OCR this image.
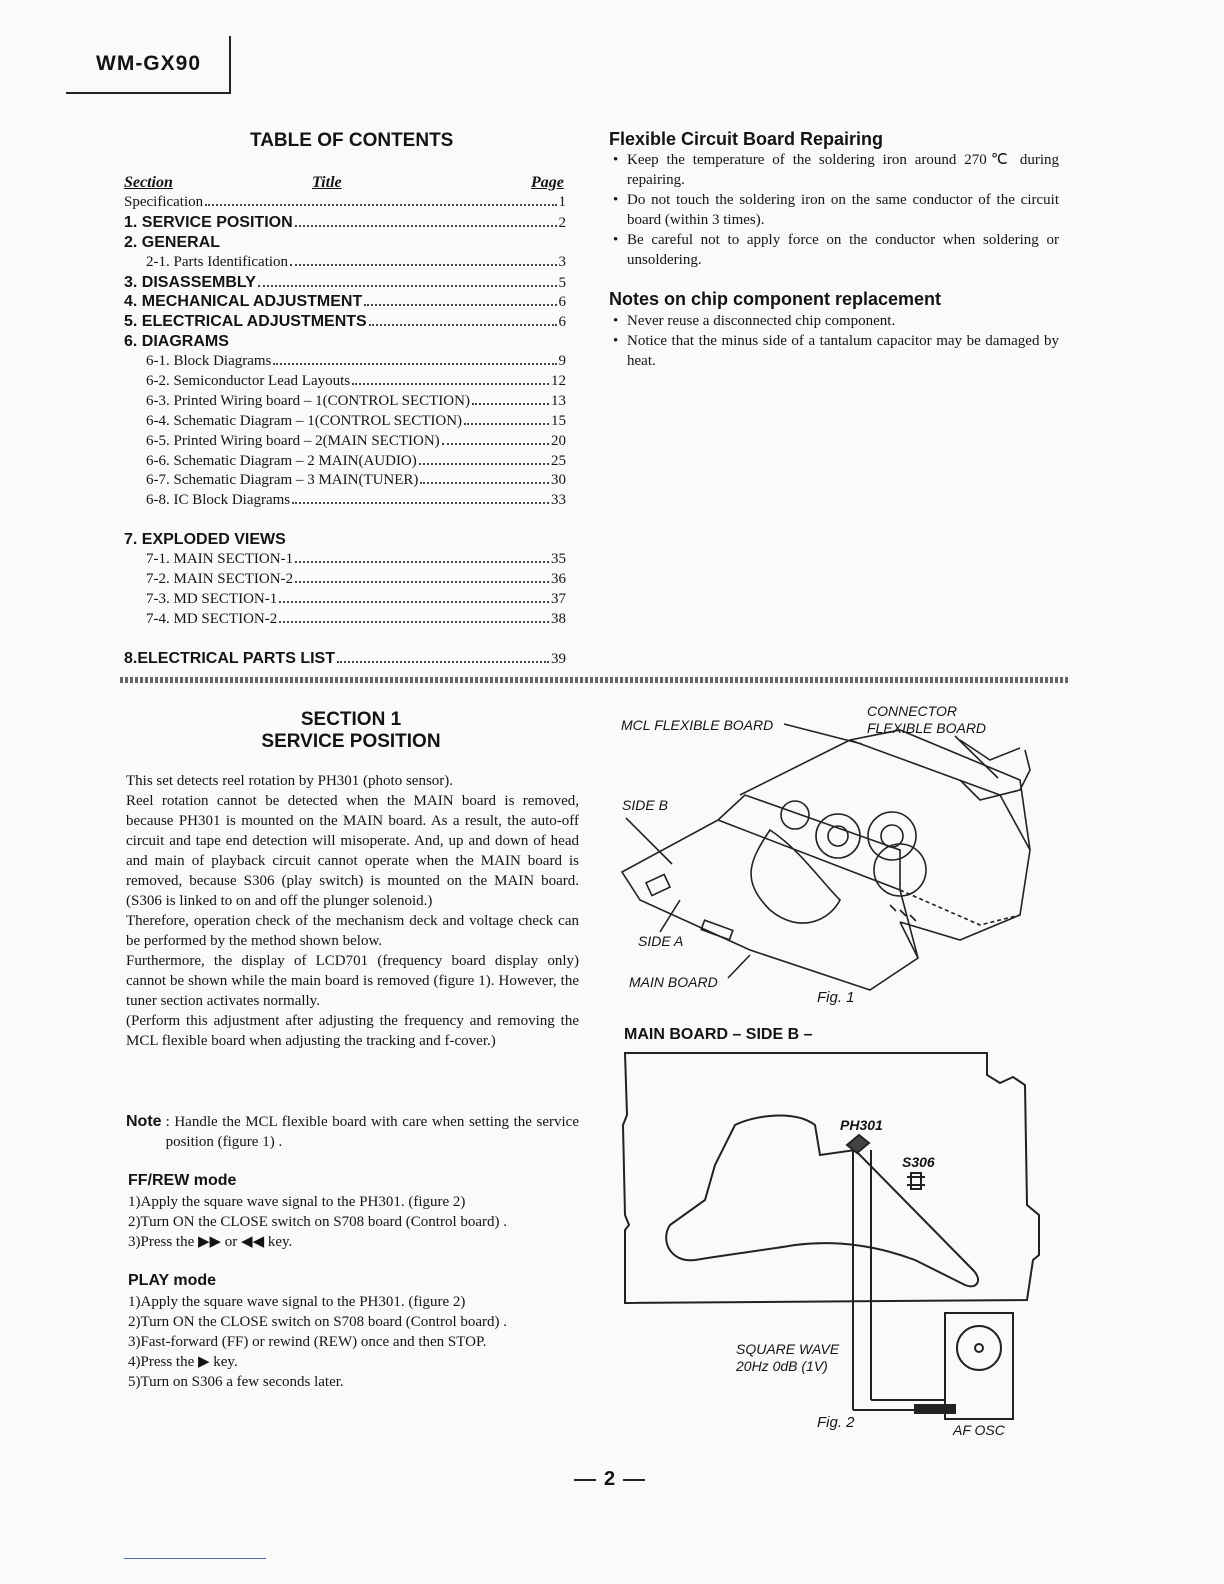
WM-GX90
TABLE OF CONTENTS
Section	Title	Page
Specification	1
1. SERVICE POSITION	2
2. GENERAL
2-1. Parts Identification	3
3. DISASSEMBLY	5
4. MECHANICAL ADJUSTMENT	6
5. ELECTRICAL ADJUSTMENTS	6
6. DIAGRAMS
6-1. Block Diagrams	9
6-2. Semiconductor Lead Layouts	12
6-3. Printed Wiring board – 1(CONTROL SECTION)	13
6-4. Schematic Diagram – 1(CONTROL SECTION)	15
6-5. Printed Wiring board – 2(MAIN SECTION)	20
6-6. Schematic Diagram – 2 MAIN(AUDIO)	25
6-7. Schematic Diagram – 3 MAIN(TUNER)	30
6-8. IC Block Diagrams	33
7. EXPLODED VIEWS
7-1. MAIN SECTION-1	35
7-2. MAIN SECTION-2	36
7-3. MD SECTION-1	37
7-4. MD SECTION-2	38
8.ELECTRICAL PARTS LIST	39
Flexible Circuit Board Repairing
• Keep the temperature of the soldering iron around 270℃ during repairing.
• Do not touch the soldering iron on the same conductor of the circuit board (within 3 times).
• Be careful not to apply force on the conductor when soldering or unsoldering.
Notes on chip component replacement
• Never reuse a disconnected chip component.
• Notice that the minus side of a tantalum capacitor may be damaged by heat.
SECTION 1
SERVICE POSITION

This set detects reel rotation by PH301 (photo sensor).

Reel rotation cannot be detected when the MAIN board is removed, because PH301 is mounted on the MAIN board. As a result, the auto-off circuit and tape end detection will misoperate. And, up and down of head and main of playback circuit cannot operate when the MAIN board is removed, because S306 (play switch) is mounted on the MAIN board. (S306 is linked to on and off the plunger solenoid.)

Therefore, operation check of the mechanism deck and voltage check can be performed by the method shown below.

Furthermore, the display of LCD701 (frequency board display only) cannot be shown while the main board is removed (figure 1). However, the tuner section activates normally.

(Perform this adjustment after adjusting the frequency and removing the MCL flexible board when adjusting the tracking and f-cover.)

Note : Handle the MCL flexible board with care when setting the service position (figure 1) .
FF/REW mode
1)Apply the square wave signal to the PH301. (figure 2)
2)Turn ON the CLOSE switch on S708 board (Control board) .
3)Press the ▶▶ or ◀◀ key.
PLAY mode
1)Apply the square wave signal to the PH301. (figure 2)
2)Turn ON the CLOSE switch on S708 board (Control board) .
3)Fast-forward (FF) or rewind (REW) once and then STOP.
4)Press the ▶ key.
5)Turn on S306 a few seconds later.
MCL FLEXIBLE BOARD
CONNECTOR
FLEXIBLE BOARD
SIDE B
SIDE A
MAIN BOARD
Fig. 1
MAIN BOARD – SIDE B –
PH301
S306
SQUARE WAVE
20Hz 0dB (1V)
Fig. 2	AF OSC
2
